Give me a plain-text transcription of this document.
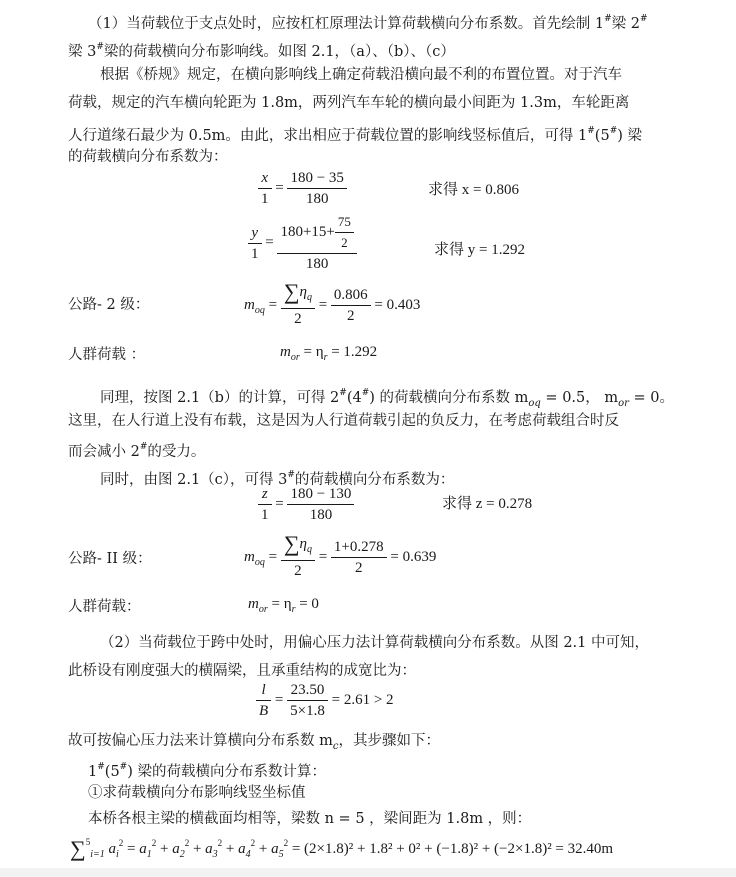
（1）当荷载位于支点处时，应按杠杠原理法计算荷载横向分布系数。首先绘制 1#梁 2#
梁 3#梁的荷载横向分布影响线。如图 2.1，（a）、（b）、（c）
根据《桥规》规定，在横向影响线上确定荷载沿横向最不利的布置位置。对于汽车
荷载，规定的汽车横向轮距为 1.8m，两列汽车车轮的横向最小间距为 1.3m，车轮距离
人行道缘石最少为 0.5m。由此，求出相应于荷载位置的影响线竖标值后，可得 1#(5#) 梁
的荷载横向分布系数为：
$\frac{x}{1} = \frac{180 - 35}{180}$	求得 x = 0.806
$\frac{y}{1} = \frac{180+15+ \frac{75}{2}}{180}$	求得 y = 1.292
公路- 2 级：	$m_{oq} = \frac{\sum\eta_q}{2} = \frac{0.806}{2} = 0.403$
人群荷载 ：	$m_{or} = \eta_r = 1.292$
同理，按图 2.1（b）的计算，可得 2#(4#) 的荷载横向分布系数 $m_{oq} = 0.5$， $m_{or} = 0$。
这里，在人行道上没有布载，这是因为人行道荷载引起的负反力，在考虑荷载组合时反
而会减小 2#的受力。
同时，由图 2.1（c），可得 3#的荷载横向分布系数为：
$\frac{z}{1} = \frac{180 - 130}{180}$	求得 z = 0.278
公路- II 级：	$m_{oq} = \frac{\sum\eta_q}{2} = \frac{1+0.278}{2} = 0.639$
人群荷载：	$m_{or} = \eta_r = 0$
（2）当荷载位于跨中处时，用偏心压力法计算荷载横向分布系数。从图 2.1 中可知，
此桥设有刚度强大的横隔梁，且承重结构的成宽比为：
$\frac{l}{B} = \frac{23.50}{5\times 1.8} = 2.61 > 2$
故可按偏心压力法来计算横向分布系数 $m_c$，其步骤如下：
1#(5#) 梁的荷载横向分布系数计算：
①求荷载横向分布影响线竖坐标值
本桥各根主梁的横截面均相等，梁数 n = 5 ，梁间距为 1.8m ，则：
∑$^5_{i=1}$ $a_i^2 = a_1^2 + a_2^2 + a_3^2 + a_4^2 + a_5^2 = (2\times 1.8)^2 + 1.8^2 + 0^2 + (-1.8)^2 + (-2\times 1.8)^2 = 32.40m$
